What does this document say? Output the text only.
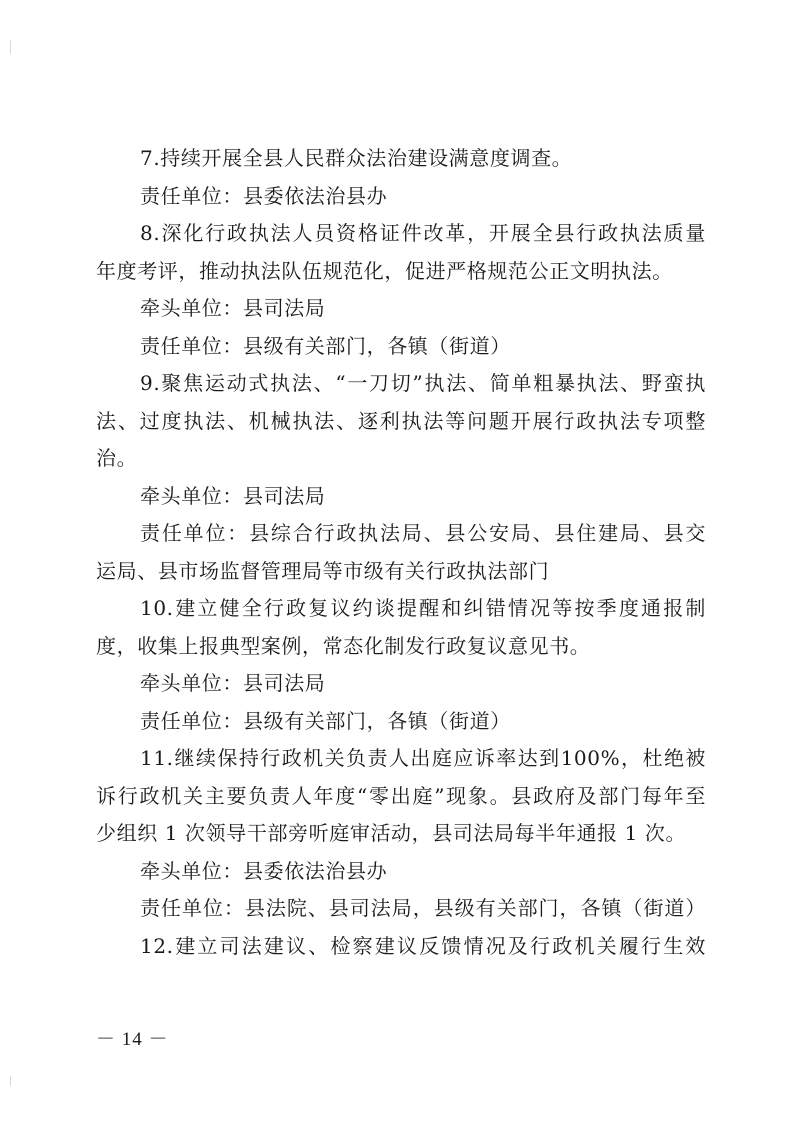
7.持续开展全县人民群众法治建设满意度调查。
责任单位：县委依法治县办
8.深化行政执法人员资格证件改革，开展全县行政执法质量
年度考评，推动执法队伍规范化，促进严格规范公正文明执法。
牵头单位：县司法局
责任单位：县级有关部门，各镇（街道）
9.聚焦运动式执法、“一刀切”执法、简单粗暴执法、野蛮执
法、过度执法、机械执法、逐利执法等问题开展行政执法专项整
治。
牵头单位：县司法局
责任单位：县综合行政执法局、县公安局、县住建局、县交
运局、县市场监督管理局等市级有关行政执法部门
10.建立健全行政复议约谈提醒和纠错情况等按季度通报制
度，收集上报典型案例，常态化制发行政复议意见书。
牵头单位：县司法局
责任单位：县级有关部门，各镇（街道）
11.继续保持行政机关负责人出庭应诉率达到100%，杜绝被
诉行政机关主要负责人年度“零出庭”现象。县政府及部门每年至
少组织 1 次领导干部旁听庭审活动，县司法局每半年通报 1 次。
牵头单位：县委依法治县办
责任单位：县法院、县司法局，县级有关部门，各镇（街道）
12.建立司法建议、检察建议反馈情况及行政机关履行生效
－ 14 －
